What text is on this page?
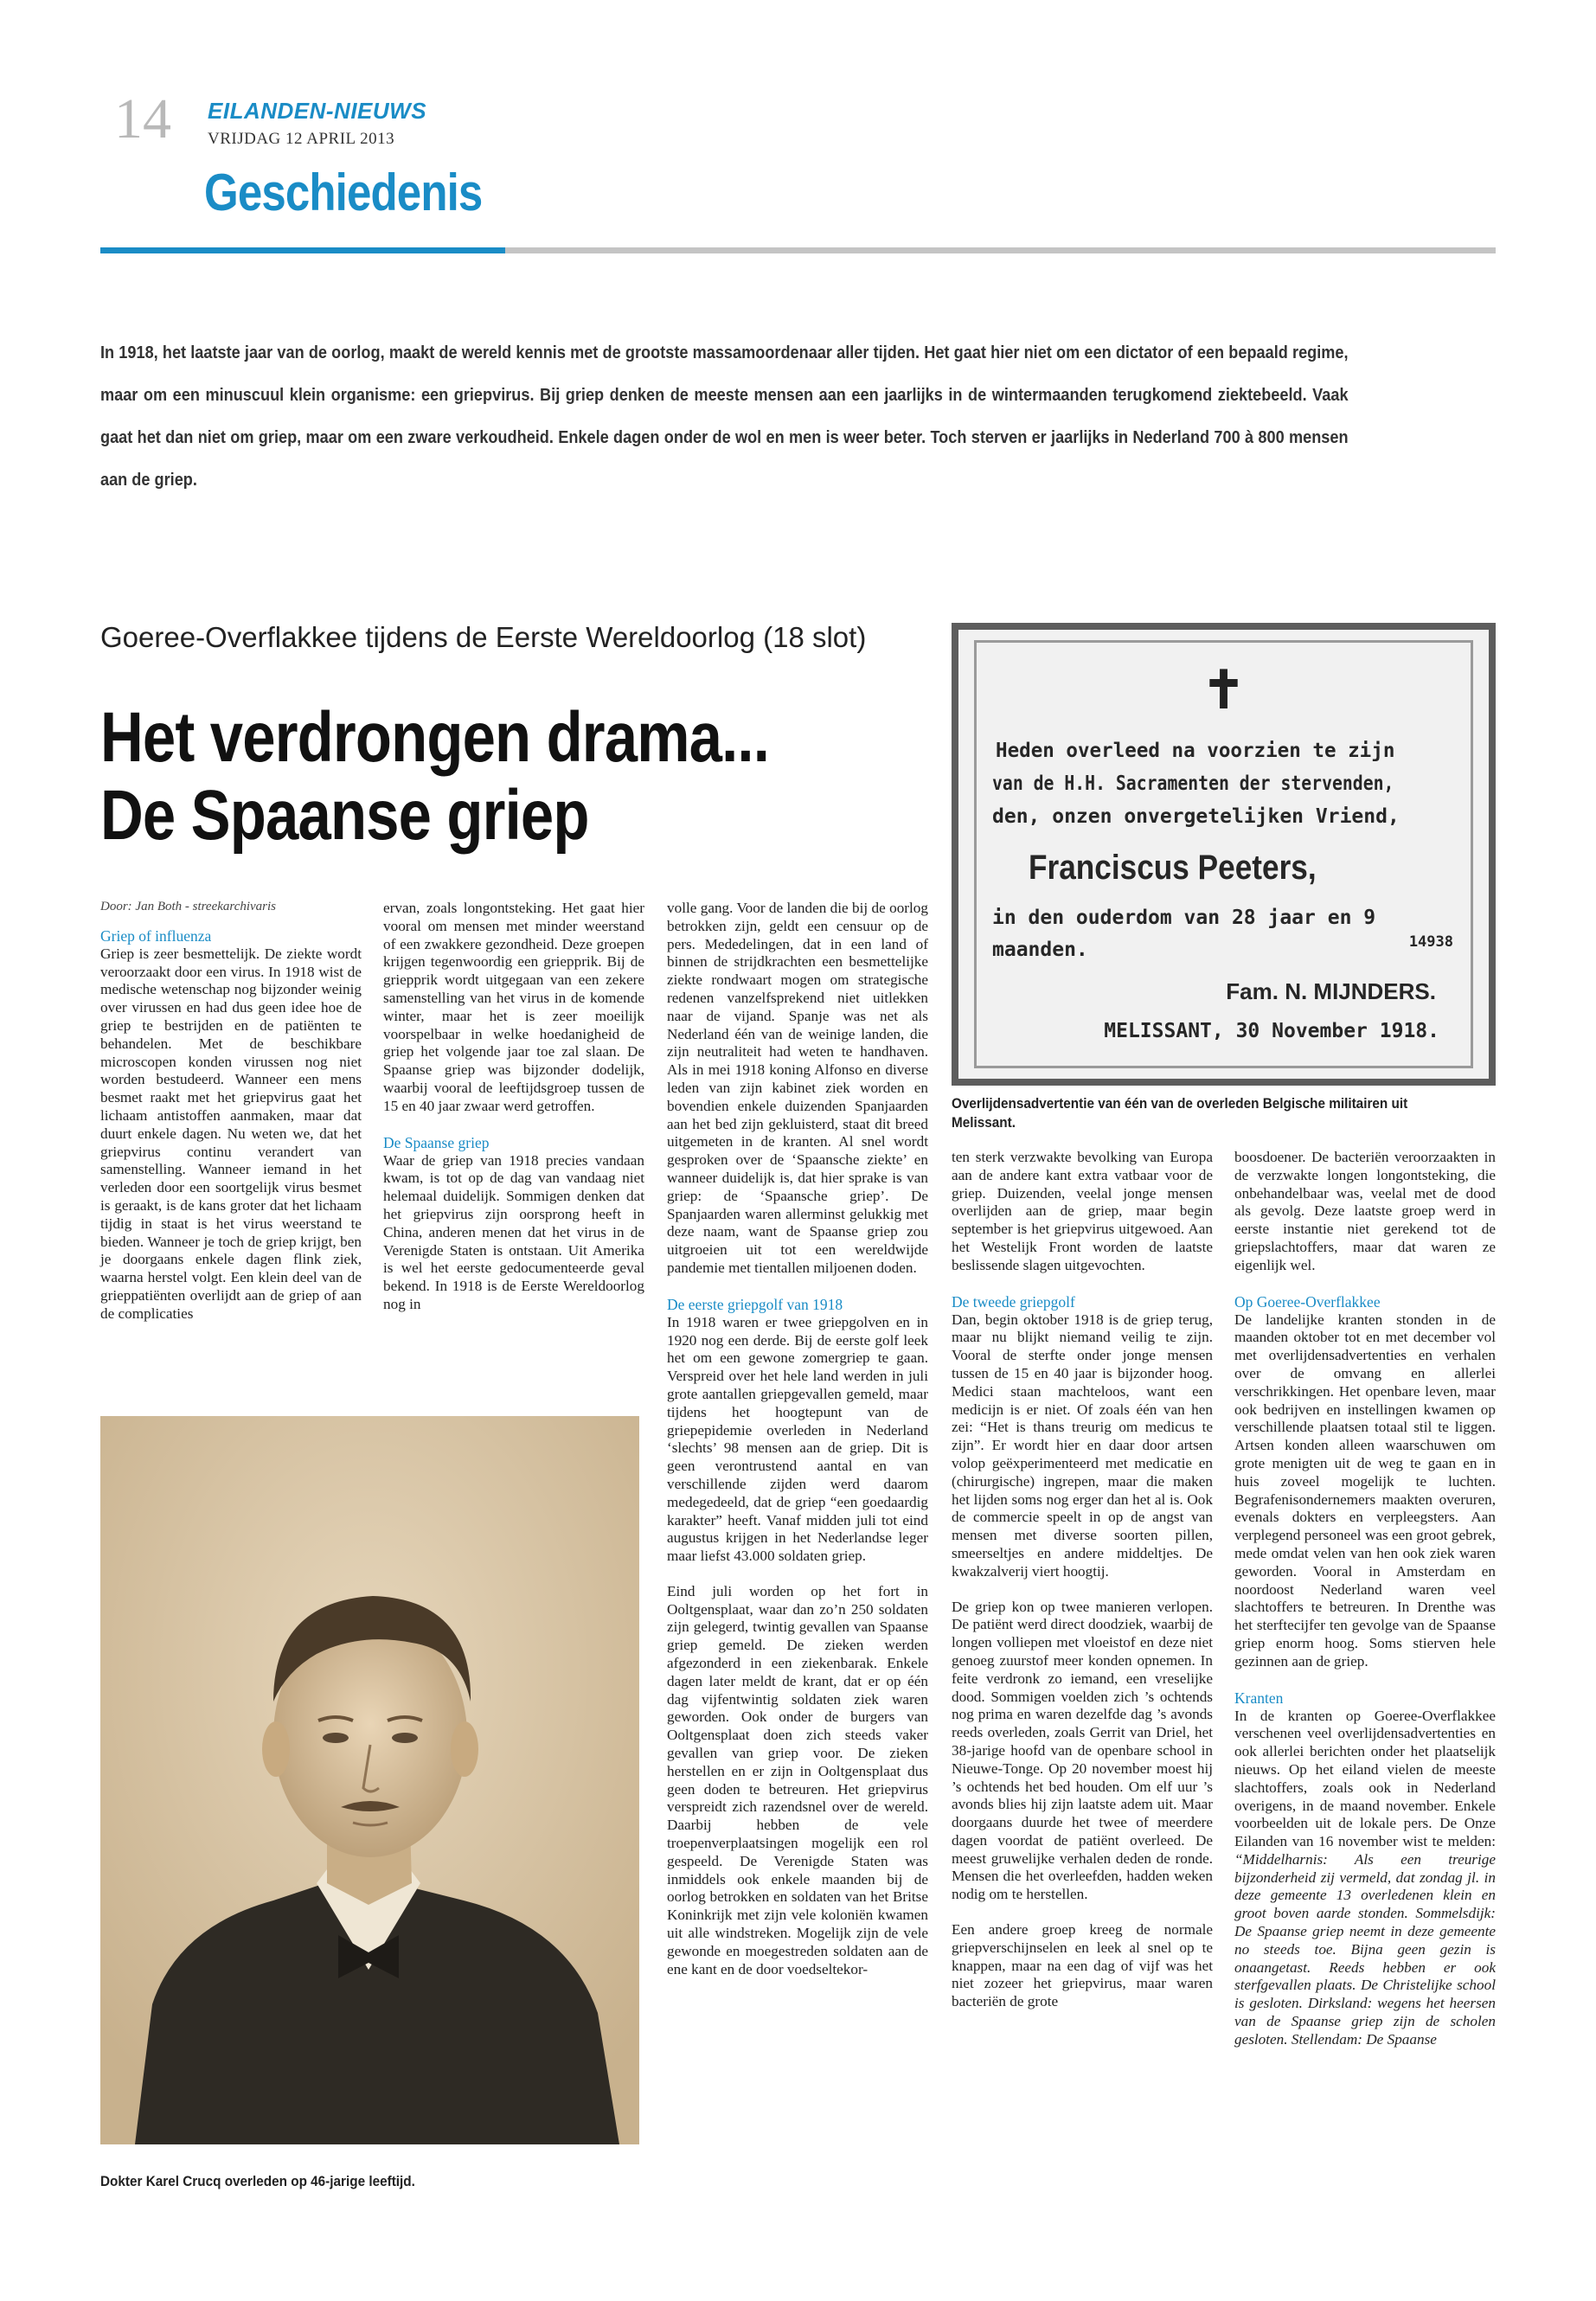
14 EILANDEN-NIEUWS
VRIJDAG 12 APRIL 2013
Geschiedenis
In 1918, het laatste jaar van de oorlog, maakt de wereld kennis met de grootste massamoordenaar aller tijden. Het gaat hier niet om een dictator of een bepaald regime, maar om een minuscuul klein organisme: een griepvirus. Bij griep denken de meeste mensen aan een jaarlijks in de wintermaanden terugkomend ziektebeeld. Vaak gaat het dan niet om griep, maar om een zware verkoudheid. Enkele dagen onder de wol en men is weer beter. Toch sterven er jaarlijks in Nederland 700 à 800 mensen aan de griep.
Goeree-Overflakkee tijdens de Eerste Wereldoorlog (18 slot)
Het verdrongen drama...
De Spaanse griep
Door: Jan Both - streekarchivaris
Griep of influenza

Griep is zeer besmettelijk. De ziekte wordt veroorzaakt door een virus. In 1918 wist de medische wetenschap nog bijzonder weinig over virussen en had dus geen idee hoe de griep te bestrijden en de patiënten te behandelen. Met de beschikbare microscopen konden virussen nog niet worden bestudeerd. Wanneer een mens besmet raakt met het griepvirus gaat het lichaam antistoffen aanmaken, maar dat duurt enkele dagen. Nu weten we, dat het griepvirus continu verandert van samenstelling. Wanneer iemand in het verleden door een soortgelijk virus besmet is geraakt, is de kans groter dat het lichaam tijdig in staat is het virus weerstand te bieden. Wanneer je toch de griep krijgt, ben je doorgaans enkele dagen flink ziek, waarna herstel volgt. Een klein deel van de grieppatiënten overlijdt aan de griep of aan de complicaties

ervan, zoals longontsteking. Het gaat hier vooral om mensen met minder weerstand of een zwakkere gezondheid. Deze groepen krijgen tegenwoordig een griepprik. Bij de griepprik wordt uitgegaan van een zekere samenstelling van het virus in de komende winter, maar het is zeer moeilijk voorspelbaar in welke hoedanigheid de griep het volgende jaar toe zal slaan. De Spaanse griep was bijzonder dodelijk, waarbij vooral de leeftijdsgroep tussen de 15 en 40 jaar zwaar werd getroffen.

De Spaanse griep

Waar de griep van 1918 precies vandaan kwam, is tot op de dag van vandaag niet helemaal duidelijk. Sommigen denken dat het griepvirus zijn oorsprong heeft in China, anderen menen dat het virus in de Verenigde Staten is ontstaan. Uit Amerika is wel het eerste gedocumenteerde geval bekend. In 1918 is de Eerste Wereldoorlog nog in

volle gang. Voor de landen die bij de oorlog betrokken zijn, geldt een censuur op de pers. Mededelingen, dat in een land of binnen de strijdkrachten een besmettelijke ziekte rondwaart mogen om strategische redenen vanzelfsprekend niet uitlekken naar de vijand. Spanje was net als Nederland één van de weinige landen, die zijn neutraliteit had weten te handhaven. Als in mei 1918 koning Alfonso en diverse leden van zijn kabinet ziek worden en bovendien enkele duizenden Spanjaarden aan het bed zijn gekluisterd, staat dit breed uitgemeten in de kranten. Al snel wordt gesproken over de ‘Spaansche ziekte’ en wanneer duidelijk is, dat hier sprake is van griep: de ‘Spaansche griep’. De Spanjaarden waren allerminst gelukkig met deze naam, want de Spaanse griep zou uitgroeien uit tot een wereldwijde pandemie met tientallen miljoenen doden.

De eerste griepgolf van 1918

In 1918 waren er twee griepgolven en in 1920 nog een derde. Bij de eerste golf leek het om een gewone zomergriep te gaan. Verspreid over het hele land werden in juli grote aantallen griepgevallen gemeld, maar tijdens het hoogtepunt van de griepepidemie overleden in Nederland ‘slechts’ 98 mensen aan de griep. Dit is geen verontrustend aantal en van verschillende zijden werd daarom medegedeeld, dat de griep “een goedaardig karakter” heeft. Vanaf midden juli tot eind augustus krijgen in het Nederlandse leger maar liefst 43.000 soldaten griep.

Eind juli worden op het fort in Ooltgensplaat, waar dan zo’n 250 soldaten zijn gelegerd, twintig gevallen van Spaanse griep gemeld. De zieken werden afgezonderd in een ziekenbarak. Enkele dagen later meldt de krant, dat er op één dag vijfentwintig soldaten ziek waren geworden. Ook onder de burgers van Ooltgensplaat doen zich steeds vaker gevallen van griep voor. De zieken herstellen en er zijn in Ooltgensplaat dus geen doden te betreuren. Het griepvirus verspreidt zich razendsnel over de wereld. Daarbij hebben de vele troepenverplaatsingen mogelijk een rol gespeeld. De Verenigde Staten was inmiddels ook enkele maanden bij de oorlog betrokken en soldaten van het Britse Koninkrijk met zijn vele koloniën kwamen uit alle windstreken. Mogelijk zijn de vele gewonde en moegestreden soldaten aan de ene kant en de door voedseltekor-

ten sterk verzwakte bevolking van Europa aan de andere kant extra vatbaar voor de griep. Duizenden, veelal jonge mensen overlijden aan de griep, maar begin september is het griepvirus uitgewoed. Aan het Westelijk Front worden de laatste beslissende slagen uitgevochten.

De tweede griepgolf

Dan, begin oktober 1918 is de griep terug, maar nu blijkt niemand veilig te zijn. Vooral de sterfte onder jonge mensen tussen de 15 en 40 jaar is bijzonder hoog. Medici staan machteloos, want een medicijn is er niet. Of zoals één van hen zei: “Het is thans treurig om medicus te zijn”. Er wordt hier en daar door artsen volop geëxperimenteerd met medicatie en (chirurgische) ingrepen, maar die maken het lijden soms nog erger dan het al is. Ook de commercie speelt in op de angst van mensen met diverse soorten pillen, smeerseltjes en andere middeltjes. De kwakzalverij viert hoogtij.

De griep kon op twee manieren verlopen. De patiënt werd direct doodziek, waarbij de longen volliepen met vloeistof en deze niet genoeg zuurstof meer konden opnemen. In feite verdronk zo iemand, een vreselijke dood. Sommigen voelden zich ’s ochtends nog prima en waren dezelfde dag ’s avonds reeds overleden, zoals Gerrit van Driel, het 38-jarige hoofd van de openbare school in Nieuwe-Tonge. Op 20 november moest hij ’s ochtends het bed houden. Om elf uur ’s avonds blies hij zijn laatste adem uit. Maar doorgaans duurde het twee of meerdere dagen voordat de patiënt overleed. De meest gruwelijke verhalen deden de ronde. Mensen die het overleefden, hadden weken nodig om te herstellen.

Een andere groep kreeg de normale griepverschijnselen en leek al snel op te knappen, maar na een dag of vijf was het niet zozeer het griepvirus, maar waren bacteriën de grote

boosdoener. De bacteriën veroorzaakten in de verzwakte longen longontsteking, die onbehandelbaar was, veelal met de dood als gevolg. Deze laatste groep werd in eerste instantie niet gerekend tot de griepslachtoffers, maar dat waren ze eigenlijk wel.

Op Goeree-Overflakkee

De landelijke kranten stonden in de maanden oktober tot en met december vol met overlijdensadvertenties en verhalen over de omvang en allerlei verschrikkingen. Het openbare leven, maar ook bedrijven en instellingen kwamen op verschillende plaatsen totaal stil te liggen. Artsen konden alleen waarschuwen om grote menigten uit de weg te gaan en in huis zoveel mogelijk te luchten. Begrafenisondernemers maakten overuren, evenals dokters en verpleegsters. Aan verplegend personeel was een groot gebrek, mede omdat velen van hen ook ziek waren geworden. Vooral in Amsterdam en noordoost Nederland waren veel slachtoffers te betreuren. In Drenthe was het sterftecijfer ten gevolge van de Spaanse griep enorm hoog. Soms stierven hele gezinnen aan de griep.

Kranten

In de kranten op Goeree-Overflakkee verschenen veel overlijdensadvertenties en ook allerlei berichten onder het plaatselijk nieuws. Op het eiland vielen de meeste slachtoffers, zoals ook in Nederland overigens, in de maand november. Enkele voorbeelden uit de lokale pers. De Onze Eilanden van 16 november wist te melden: “Middelharnis: Als een treurige bijzonderheid zij vermeld, dat zondag jl. in deze gemeente 13 overledenen klein en groot boven aarde stonden. Sommelsdijk: De Spaanse griep neemt in deze gemeente no steeds toe. Bijna geen gezin is onaangetast. Reeds hebben er ook sterfgevallen plaats. De Christelijke school is gesloten. Dirksland: wegens het heersen van de Spaanse griep zijn de scholen gesloten. Stellendam: De Spaanse

✝
Heden overleed na voorzien te zijn
van de H.H. Sacramenten der stervenden,
den, onzen onvergetelijken Vriend,
Franciscus Peeters,
in den ouderdom van 28 jaar en 9
maanden.	14938
Fam. N. MIJNDERS.
MELISSANT, 30 November 1918.
Overlijdensadvertentie van één van de overleden Belgische militairen uit Melissant.
Dokter Karel Crucq overleden op 46-jarige leeftijd.
